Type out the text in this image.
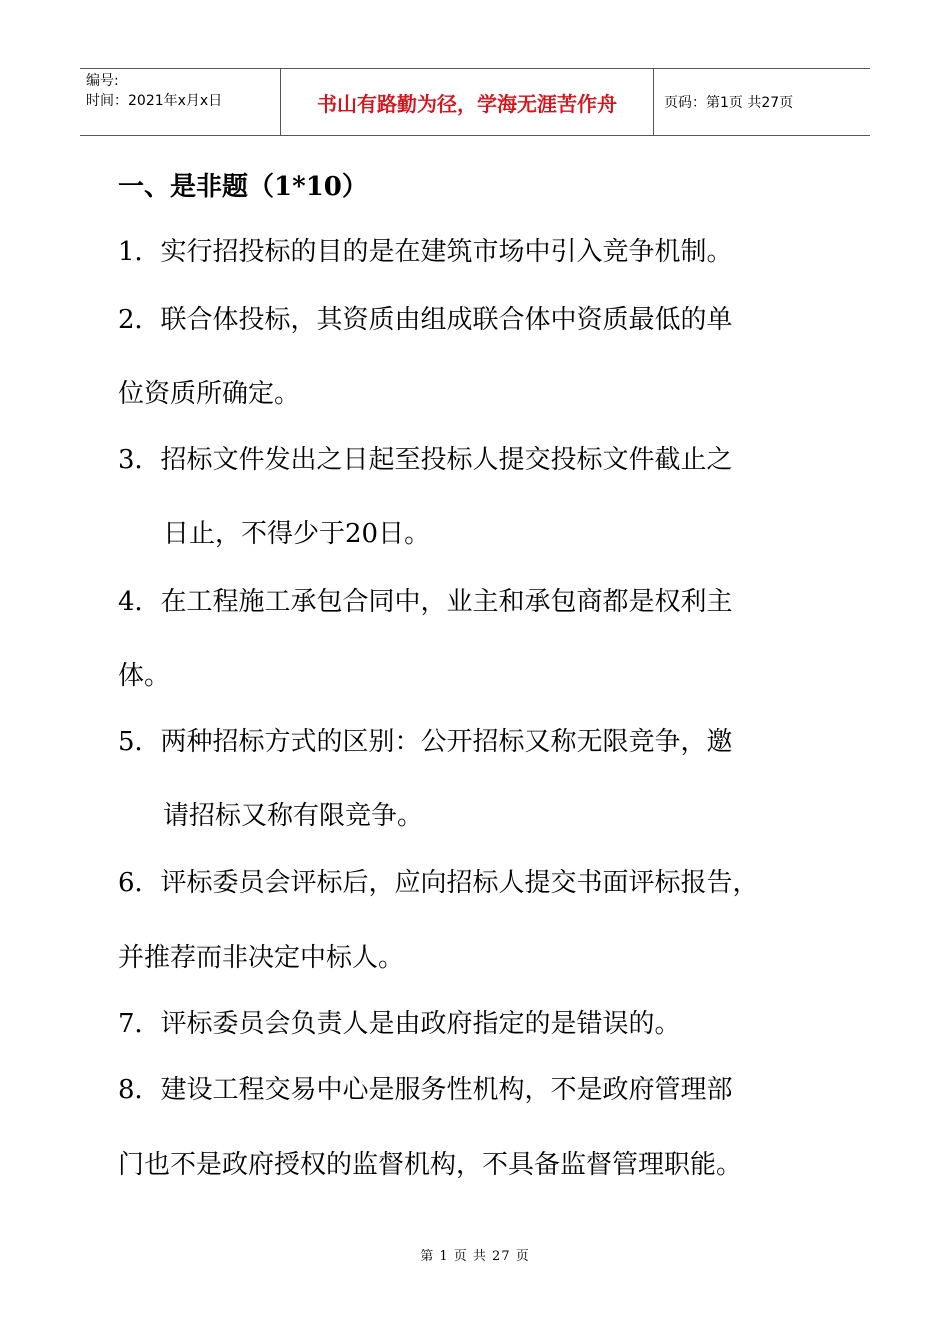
编号:
时间：2021年x月x日	书山有路勤为径，学海无涯苦作舟	页码：第1页 共27页
一、是非题（1*10）

1．实行招投标的目的是在建筑市场中引入竞争机制。

2．联合体投标，其资质由组成联合体中资质最低的单

位资质所确定。

3．招标文件发出之日起至投标人提交投标文件截止之

日止，不得少于20日。

4．在工程施工承包合同中，业主和承包商都是权利主

体。

5．两种招标方式的区别：公开招标又称无限竞争，邀

请招标又称有限竞争。

6．评标委员会评标后，应向招标人提交书面评标报告，

并推荐而非决定中标人。

7．评标委员会负责人是由政府指定的是错误的。

8．建设工程交易中心是服务性机构，不是政府管理部

门也不是政府授权的监督机构，不具备监督管理职能。

第 1 页 共 27 页
